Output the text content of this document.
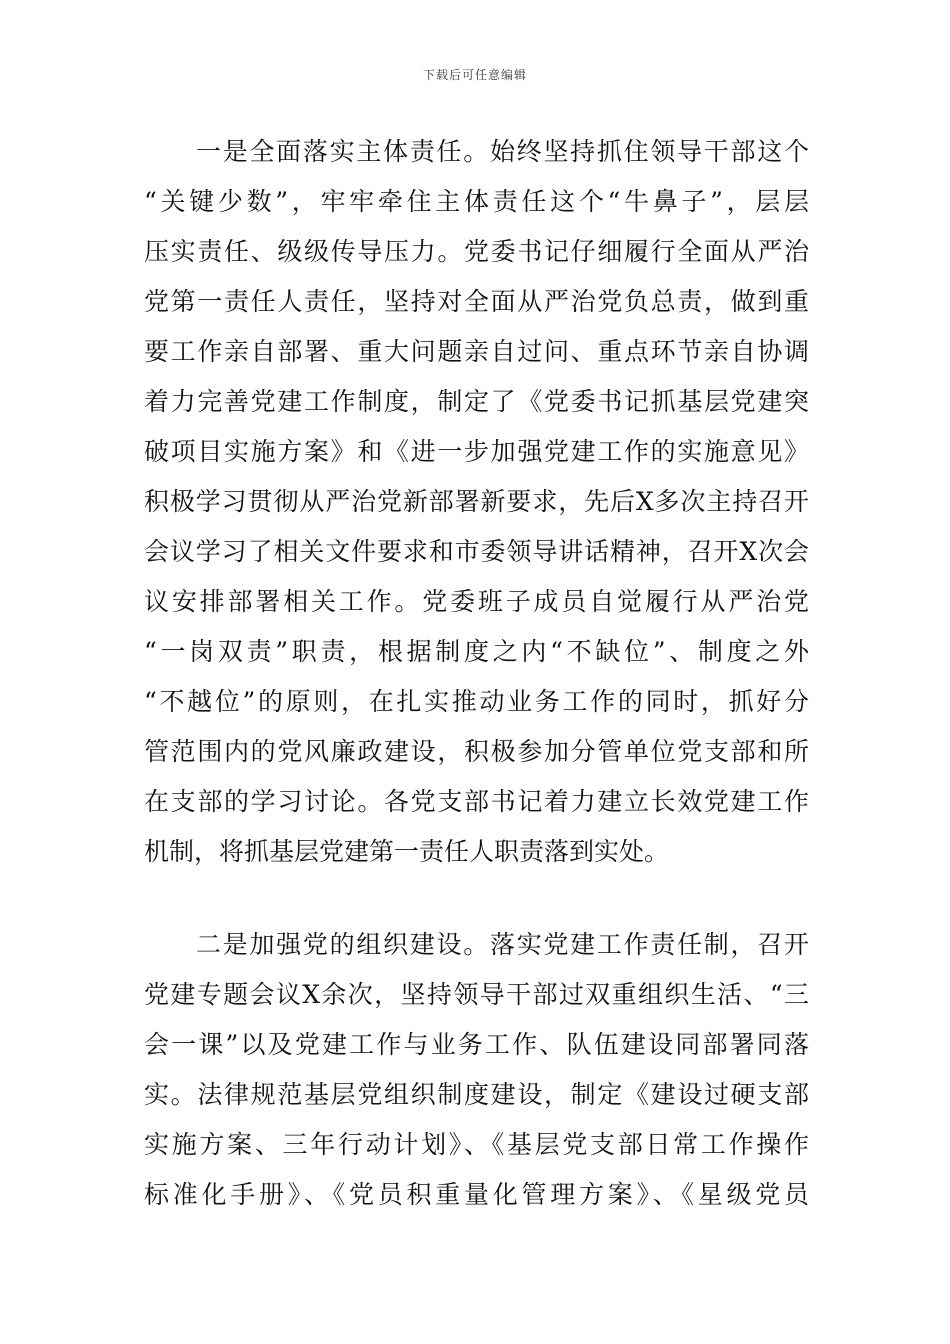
下载后可任意编辑
一是全面落实主体责任。始终坚持抓住领导干部这个
“关键少数”，牢牢牵住主体责任这个“牛鼻子”，层层
压实责任、级级传导压力。党委书记仔细履行全面从严治
党第一责任人责任，坚持对全面从严治党负总责，做到重
要工作亲自部署、重大问题亲自过问、重点环节亲自协调
着力完善党建工作制度，制定了《党委书记抓基层党建突
破项目实施方案》和《进一步加强党建工作的实施意见》
积极学习贯彻从严治党新部署新要求，先后X多次主持召开
会议学习了相关文件要求和市委领导讲话精神，召开X次会
议安排部署相关工作。党委班子成员自觉履行从严治党
“一岗双责”职责，根据制度之内“不缺位”、制度之外
“不越位”的原则，在扎实推动业务工作的同时，抓好分
管范围内的党风廉政建设，积极参加分管单位党支部和所
在支部的学习讨论。各党支部书记着力建立长效党建工作
机制，将抓基层党建第一责任人职责落到实处。
二是加强党的组织建设。落实党建工作责任制，召开
党建专题会议X余次，坚持领导干部过双重组织生活、“三
会一课”以及党建工作与业务工作、队伍建设同部署同落
实。法律规范基层党组织制度建设，制定《建设过硬支部
实施方案、三年行动计划》、《基层党支部日常工作操作
标准化手册》、《党员积重量化管理方案》、《星级党员
